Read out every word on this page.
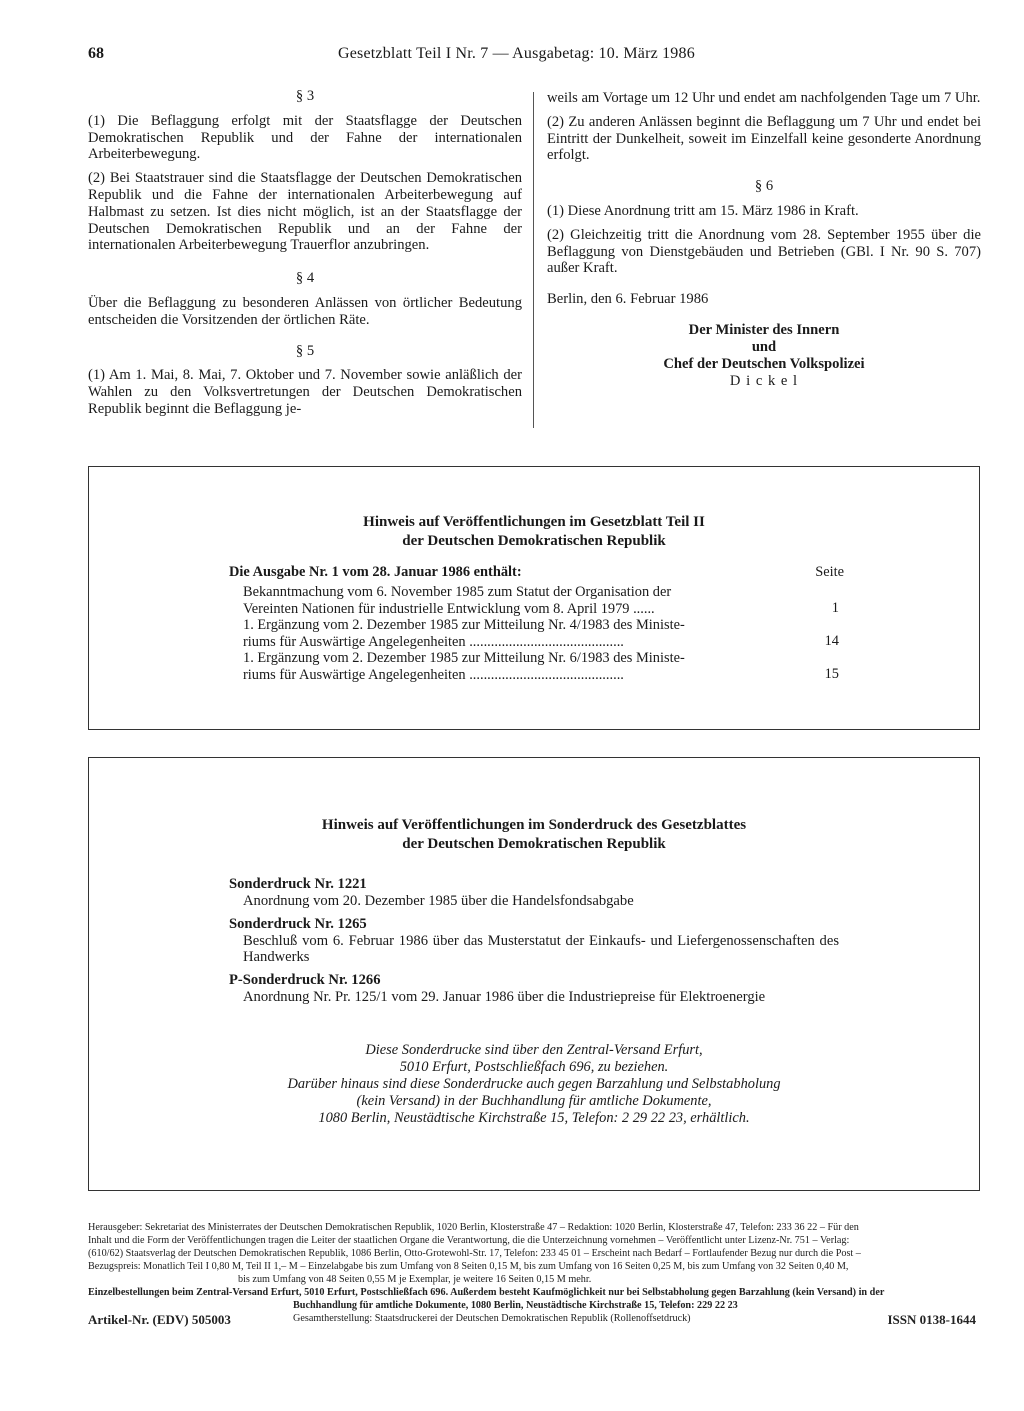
68	Gesetzblatt Teil I Nr. 7 — Ausgabetag: 10. März 1986

§ 3

(1) Die Beflaggung erfolgt mit der Staatsflagge der Deutschen Demokratischen Republik und der Fahne der internationalen Arbeiterbewegung.

(2) Bei Staatstrauer sind die Staatsflagge der Deutschen Demokratischen Republik und die Fahne der internationalen Arbeiterbewegung auf Halbmast zu setzen. Ist dies nicht möglich, ist an der Staatsflagge der Deutschen Demokratischen Republik und an der Fahne der internationalen Arbeiterbewegung Trauerflor anzubringen.

§ 4

Über die Beflaggung zu besonderen Anlässen von örtlicher Bedeutung entscheiden die Vorsitzenden der örtlichen Räte.

§ 5

(1) Am 1. Mai, 8. Mai, 7. Oktober und 7. November sowie anläßlich der Wahlen zu den Volksvertretungen der Deutschen Demokratischen Republik beginnt die Beflaggung je-

weils am Vortage um 12 Uhr und endet am nachfolgenden Tage um 7 Uhr.

(2) Zu anderen Anlässen beginnt die Beflaggung um 7 Uhr und endet bei Eintritt der Dunkelheit, soweit im Einzelfall keine gesonderte Anordnung erfolgt.

§ 6

(1) Diese Anordnung tritt am 15. März 1986 in Kraft.

(2) Gleichzeitig tritt die Anordnung vom 28. September 1955 über die Beflaggung von Dienstgebäuden und Betrieben (GBl. I Nr. 90 S. 707) außer Kraft.

Berlin, den 6. Februar 1986

Der Minister des Innern
und
Chef der Deutschen Volkspolizei
D i c k e l
Hinweis auf Veröffentlichungen im Gesetzblatt Teil II
der Deutschen Demokratischen Republik
Die Ausgabe Nr. 1 vom 28. Januar 1986 enthält:	Seite
Bekanntmachung vom 6. November 1985 zum Statut der Organisation der
Vereinten Nationen für industrielle Entwicklung vom 8. April 1979 ......	1
1. Ergänzung vom 2. Dezember 1985 zur Mitteilung Nr. 4/1983 des Ministe-
riums für Auswärtige Angelegenheiten ...........................................	14
1. Ergänzung vom 2. Dezember 1985 zur Mitteilung Nr. 6/1983 des Ministe-
riums für Auswärtige Angelegenheiten ...........................................	15
Hinweis auf Veröffentlichungen im Sonderdruck des Gesetzblattes
der Deutschen Demokratischen Republik
Sonderdruck Nr. 1221
Anordnung vom 20. Dezember 1985 über die Handelsfondsabgabe
Sonderdruck Nr. 1265
Beschluß vom 6. Februar 1986 über das Musterstatut der Einkaufs- und Liefergenossenschaften des Handwerks
P-Sonderdruck Nr. 1266
Anordnung Nr. Pr. 125/1 vom 29. Januar 1986 über die Industriepreise für Elektroenergie
Diese Sonderdrucke sind über den Zentral-Versand Erfurt,
5010 Erfurt, Postschließfach 696, zu beziehen.
Darüber hinaus sind diese Sonderdrucke auch gegen Barzahlung und Selbstabholung
(kein Versand) in der Buchhandlung für amtliche Dokumente,
1080 Berlin, Neustädtische Kirchstraße 15, Telefon: 2 29 22 23, erhältlich.
Herausgeber: Sekretariat des Ministerrates der Deutschen Demokratischen Republik, 1020 Berlin, Klosterstraße 47 – Redaktion: 1020 Berlin, Klosterstraße 47, Telefon: 233 36 22 – Für den
Inhalt und die Form der Veröffentlichungen tragen die Leiter der staatlichen Organe die Verantwortung, die die Unterzeichnung vornehmen – Veröffentlicht unter Lizenz-Nr. 751 – Verlag:
(610/62) Staatsverlag der Deutschen Demokratischen Republik, 1086 Berlin, Otto-Grotewohl-Str. 17, Telefon: 233 45 01 – Erscheint nach Bedarf – Fortlaufender Bezug nur durch die Post –
Bezugspreis: Monatlich Teil I 0,80 M, Teil II 1,– M – Einzelabgabe bis zum Umfang von 8 Seiten 0,15 M, bis zum Umfang von 16 Seiten 0,25 M, bis zum Umfang von 32 Seiten 0,40 M,
bis zum Umfang von 48 Seiten 0,55 M je Exemplar, je weitere 16 Seiten 0,15 M mehr.
Einzelbestellungen beim Zentral-Versand Erfurt, 5010 Erfurt, Postschließfach 696. Außerdem besteht Kaufmöglichkeit nur bei Selbstabholung gegen Barzahlung (kein Versand) in der
Buchhandlung für amtliche Dokumente, 1080 Berlin, Neustädtische Kirchstraße 15, Telefon: 229 22 23
Artikel-Nr. (EDV) 505003	Gesamtherstellung: Staatsdruckerei der Deutschen Demokratischen Republik (Rollenoffsetdruck)	ISSN 0138-1644
